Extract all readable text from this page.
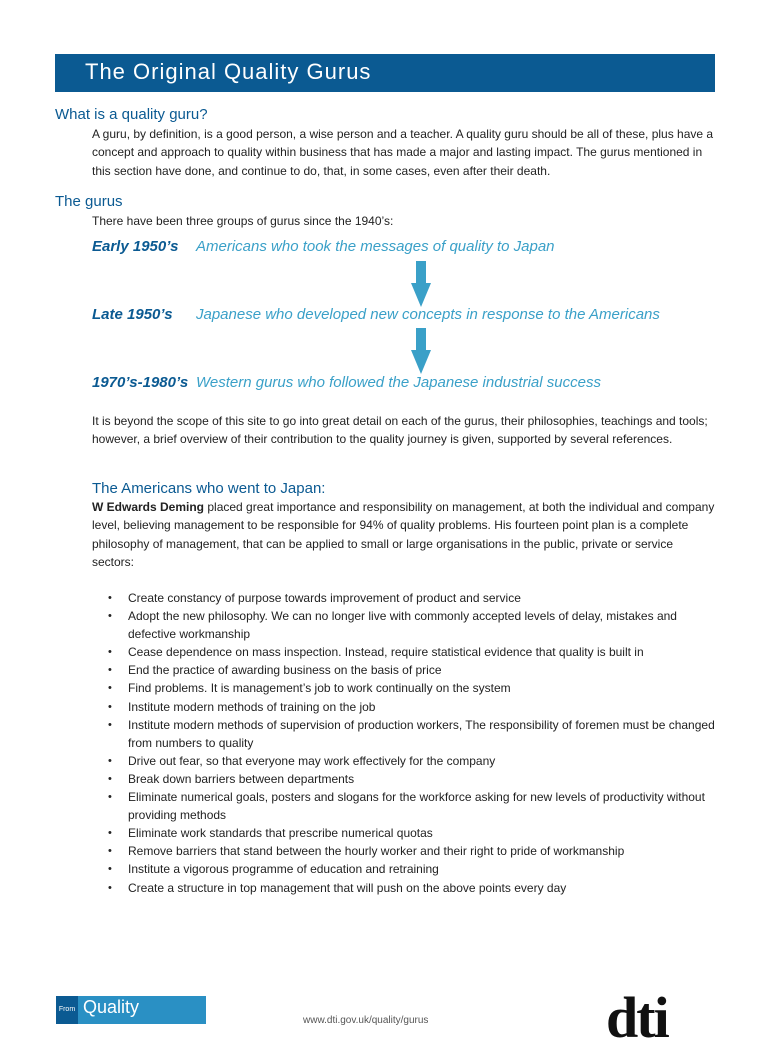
The Original Quality Gurus
What is a quality guru?
A guru, by definition, is a good person, a wise person and a teacher. A quality guru should be all of these, plus have a concept and approach to quality within business that has made a major and lasting impact. The gurus mentioned in this section have done, and continue to do, that, in some cases, even after their death.
The gurus
There have been three groups of gurus since the 1940’s:
Early 1950’s Americans who took the messages of quality to Japan
Late 1950’s Japanese who developed new concepts in response to the Americans
1970’s-1980’s Western gurus who followed the Japanese industrial success
It is beyond the scope of this site to go into great detail on each of the gurus, their philosophies, teachings and tools; however, a brief overview of their contribution to the quality journey is given, supported by several references.
The Americans who went to Japan:
W Edwards Deming placed great importance and responsibility on management, at both the individual and company level, believing management to be responsible for 94% of quality problems. His fourteen point plan is a complete philosophy of management, that can be applied to small or large organisations in the public, private or service sectors:
• Create constancy of purpose towards improvement of product and service
• Adopt the new philosophy. We can no longer live with commonly accepted levels of delay, mistakes and defective workmanship
• Cease dependence on mass inspection. Instead, require statistical evidence that quality is built in
• End the practice of awarding business on the basis of price
• Find problems. It is management’s job to work continually on the system
• Institute modern methods of training on the job
• Institute modern methods of supervision of production workers, The responsibility of foremen must be changed from numbers to quality
• Drive out fear, so that everyone may work effectively for the company
• Break down barriers between departments
• Eliminate numerical goals, posters and slogans for the workforce asking for new levels of productivity without providing methods
• Eliminate work standards that prescribe numerical quotas
• Remove barriers that stand between the hourly worker and their right to pride of workmanship
• Institute a vigorous programme of education and retraining
• Create a structure in top management that will push on the above points every day
From Quality
www.dti.gov.uk/quality/gurus	dti
